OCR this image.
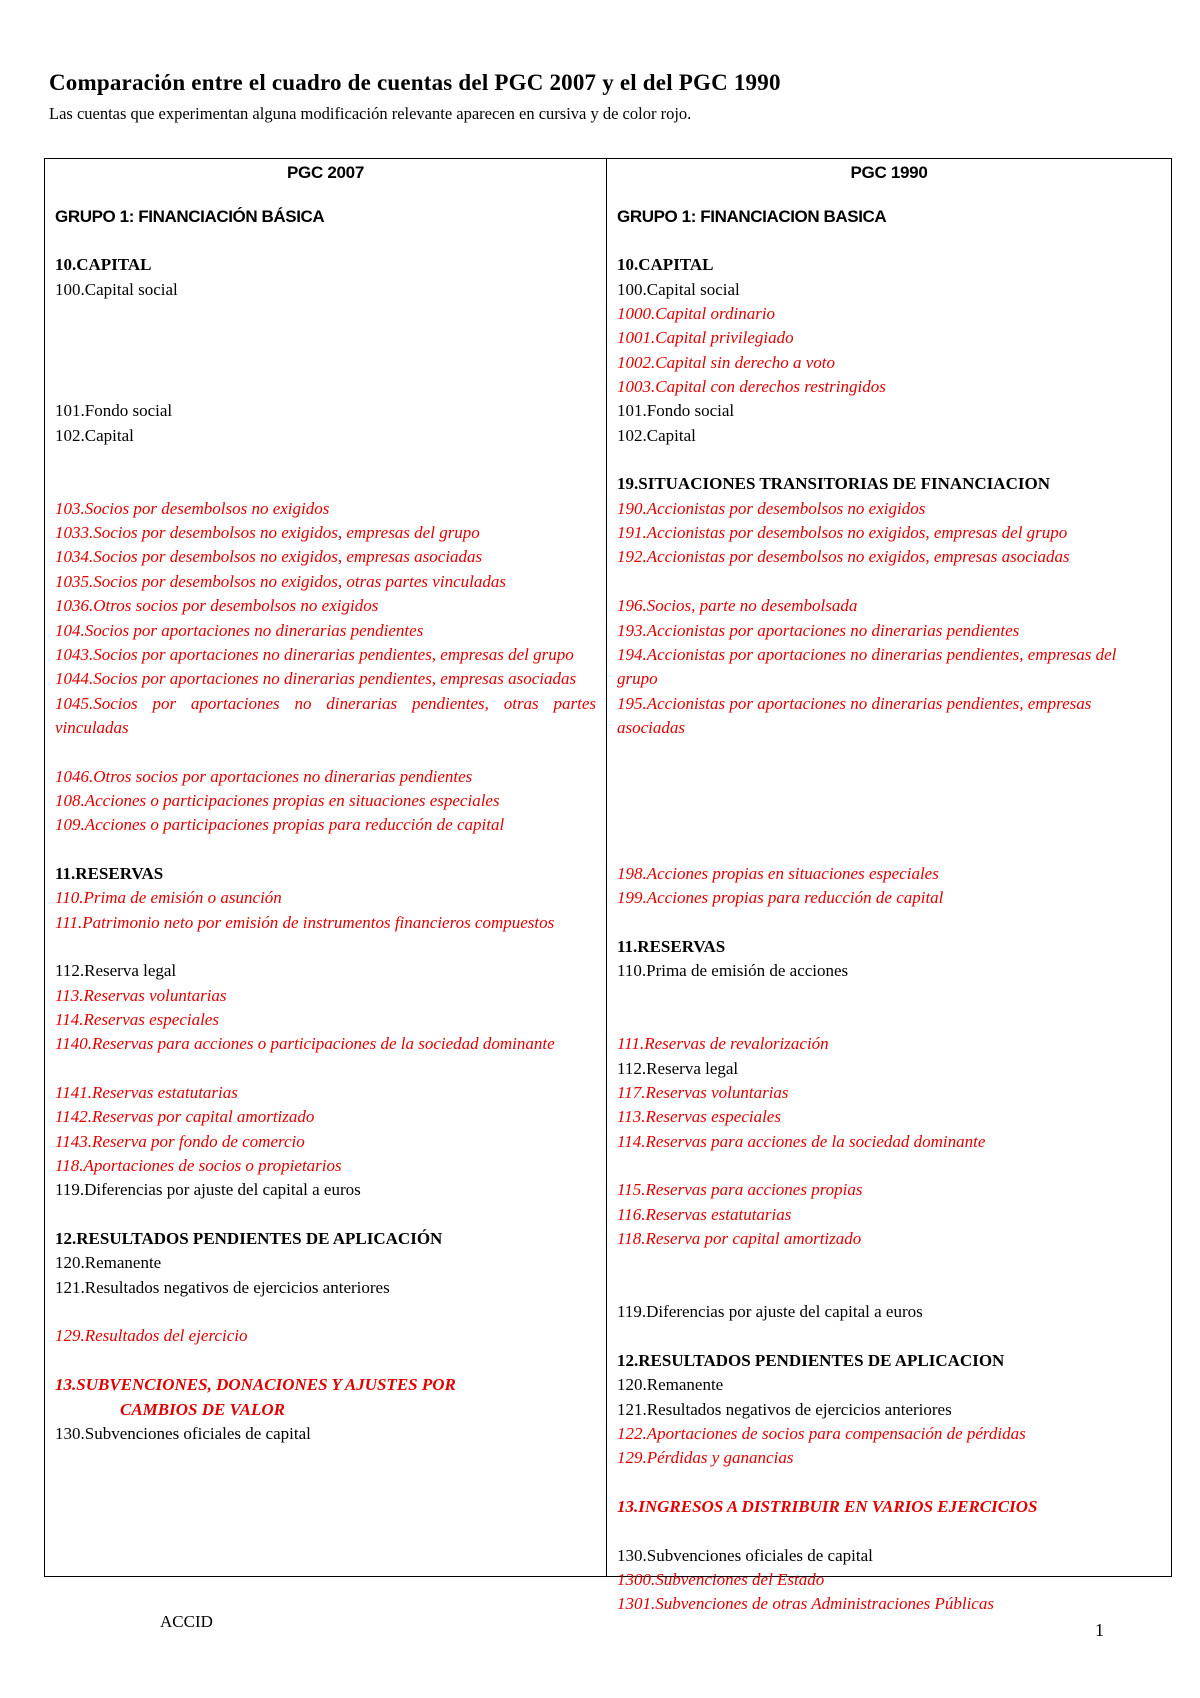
Comparación entre el cuadro de cuentas del PGC 2007 y el del PGC 1990
Las cuentas que experimentan alguna modificación relevante aparecen en cursiva y de color rojo.
PGC 2007
GRUPO 1: FINANCIACIÓN BÁSICA
10.CAPITAL
100.Capital social
101.Fondo social
102.Capital
103.Socios por desembolsos no exigidos
1033.Socios por desembolsos no exigidos, empresas del grupo
1034.Socios por desembolsos no exigidos, empresas asociadas
1035.Socios por desembolsos no exigidos, otras partes vinculadas
1036.Otros socios por desembolsos no exigidos
104.Socios por aportaciones no dinerarias pendientes
1043.Socios por aportaciones no dinerarias pendientes, empresas del grupo
1044.Socios por aportaciones no dinerarias pendientes, empresas asociadas
1045.Socios por aportaciones no dinerarias pendientes, otras partes vinculadas
1046.Otros socios por aportaciones no dinerarias pendientes
108.Acciones o participaciones propias en situaciones especiales
109.Acciones o participaciones propias para reducción de capital
11.RESERVAS
110.Prima de emisión o asunción
111.Patrimonio neto por emisión de instrumentos financieros compuestos
112.Reserva legal
113.Reservas voluntarias
114.Reservas especiales
1140.Reservas para acciones o participaciones de la sociedad dominante
1141.Reservas estatutarias
1142.Reservas por capital amortizado
1143.Reserva por fondo de comercio
118.Aportaciones de socios o propietarios
119.Diferencias por ajuste del capital a euros
12.RESULTADOS PENDIENTES DE APLICACIÓN
120.Remanente
121.Resultados negativos de ejercicios anteriores
129.Resultados del ejercicio
13.SUBVENCIONES, DONACIONES Y AJUSTES POR
CAMBIOS DE VALOR
130.Subvenciones oficiales de capital
PGC 1990
GRUPO 1: FINANCIACION BASICA
10.CAPITAL
100.Capital social
1000.Capital ordinario
1001.Capital privilegiado
1002.Capital sin derecho a voto
1003.Capital con derechos restringidos
101.Fondo social
102.Capital
19.SITUACIONES TRANSITORIAS DE FINANCIACION
190.Accionistas por desembolsos no exigidos
191.Accionistas por desembolsos no exigidos, empresas del grupo
192.Accionistas por desembolsos no exigidos, empresas asociadas
196.Socios, parte no desembolsada
193.Accionistas por aportaciones no dinerarias pendientes
194.Accionistas por aportaciones no dinerarias pendientes, empresas del grupo
195.Accionistas por aportaciones no dinerarias pendientes, empresas asociadas
198.Acciones propias en situaciones especiales
199.Acciones propias para reducción de capital
11.RESERVAS
110.Prima de emisión de acciones
111.Reservas de revalorización
112.Reserva legal
117.Reservas voluntarias
113.Reservas especiales
114.Reservas para acciones de la sociedad dominante
115.Reservas para acciones propias
116.Reservas estatutarias
118.Reserva por capital amortizado
119.Diferencias por ajuste del capital a euros
12.RESULTADOS PENDIENTES DE APLICACION
120.Remanente
121.Resultados negativos de ejercicios anteriores
122.Aportaciones de socios para compensación de pérdidas
129.Pérdidas y ganancias
13.INGRESOS A DISTRIBUIR EN VARIOS EJERCICIOS
130.Subvenciones oficiales de capital
1300.Subvenciones del Estado
1301.Subvenciones de otras Administraciones Públicas
ACCID	1
